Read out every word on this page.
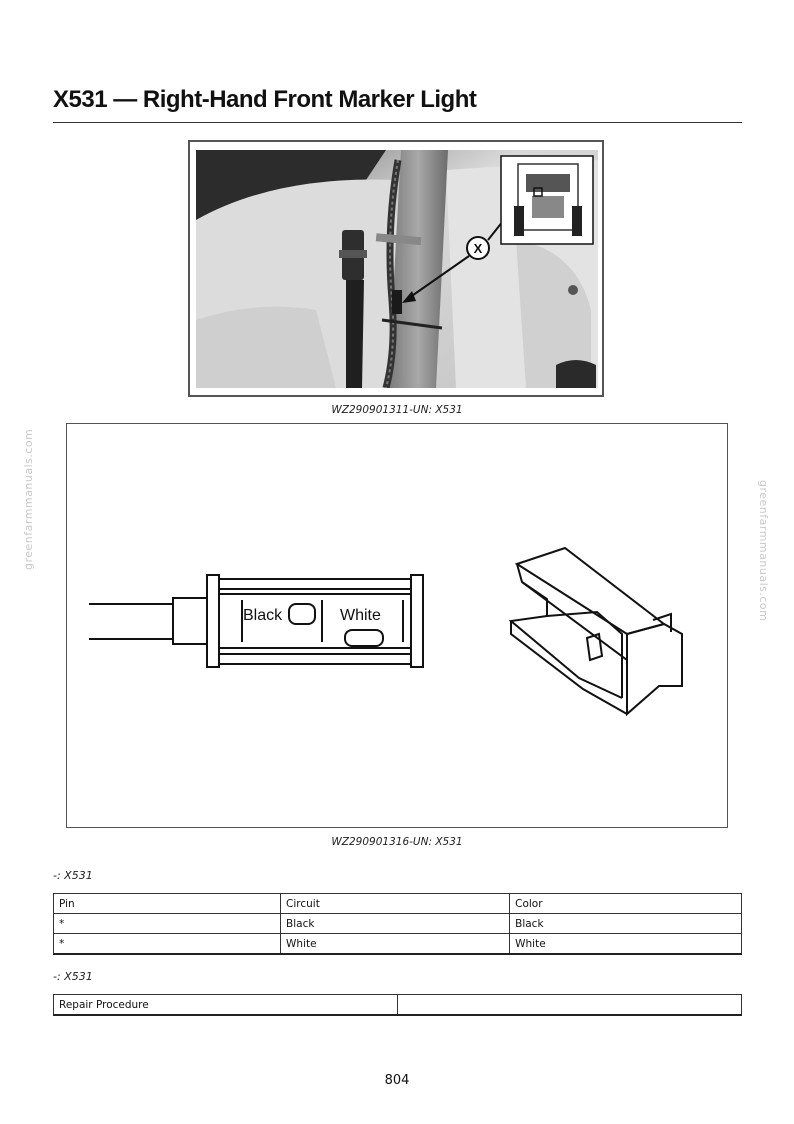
X531 — Right-Hand Front Marker Light
X
WZ290901311-UN: X531
Black	White
WZ290901316-UN: X531
greenfarmmanuals.com	greenfarmmanuals.com
-: X531
Pin	Circuit	Color
*	Black	Black
*	White	White
-: X531
Repair Procedure	
804
